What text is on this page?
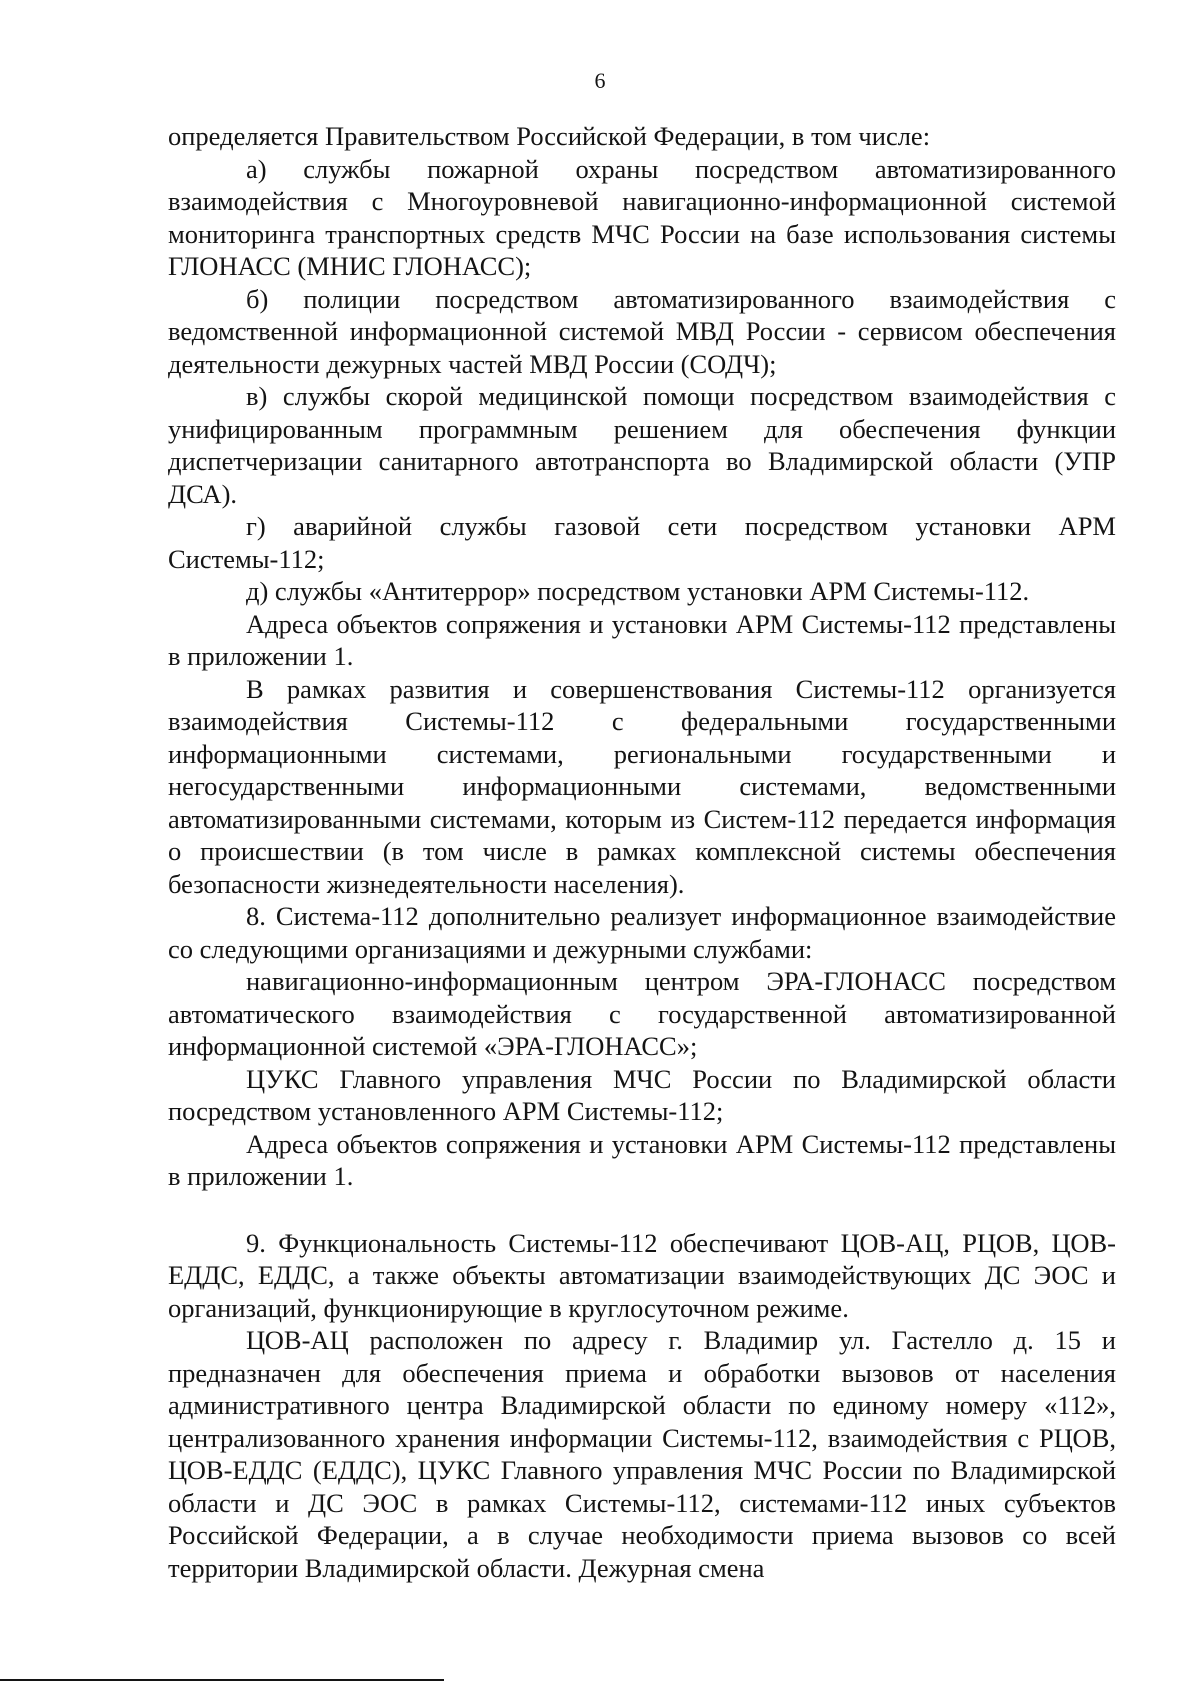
6

определяется Правительством Российской Федерации, в том числе:

а) службы пожарной охраны посредством автоматизированного взаимодействия с Многоуровневой навигационно-информационной системой мониторинга транспортных средств МЧС России на базе использования системы ГЛОНАСС (МНИС ГЛОНАСС);

б) полиции посредством автоматизированного взаимодействия с ведомственной информационной системой МВД России - сервисом обеспечения деятельности дежурных частей МВД России (СОДЧ);

в) службы скорой медицинской помощи посредством взаимодействия с унифицированным программным решением для обеспечения функции диспетчеризации санитарного автотранспорта во Владимирской области (УПР ДСА).

г) аварийной службы газовой сети посредством установки АРМ Системы-112;

д) службы «Антитеррор» посредством установки АРМ Системы-112.

Адреса объектов сопряжения и установки АРМ Системы-112 представлены в приложении 1.

В рамках развития и совершенствования Системы-112 организуется взаимодействия Системы-112 с федеральными государственными информационными системами, региональными государственными и негосударственными информационными системами, ведомственными автоматизированными системами, которым из Систем-112 передается информация о происшествии (в том числе в рамках комплексной системы обеспечения безопасности жизнедеятельности населения).

8. Система-112 дополнительно реализует информационное взаимодействие со следующими организациями и дежурными службами:

навигационно-информационным центром ЭРА-ГЛОНАСС посредством автоматического взаимодействия с государственной автоматизированной информационной системой «ЭРА-ГЛОНАСС»;

ЦУКС Главного управления МЧС России по Владимирской области посредством установленного АРМ Системы-112;

Адреса объектов сопряжения и установки АРМ Системы-112 представлены в приложении 1.

9. Функциональность Системы-112 обеспечивают ЦОВ-АЦ, РЦОВ, ЦОВ- ЕДДС, ЕДДС, а также объекты автоматизации взаимодействующих ДС ЭОС и организаций, функционирующие в круглосуточном режиме.

ЦОВ-АЦ расположен по адресу г. Владимир ул. Гастелло д. 15 и предназначен для обеспечения приема и обработки вызовов от населения административного центра Владимирской области по единому номеру «112», централизованного хранения информации Системы-112, взаимодействия с РЦОВ, ЦОВ-ЕДДС (ЕДДС), ЦУКС Главного управления МЧС России по Владимирской области и ДС ЭОС в рамках Системы-112, системами-112 иных субъектов Российской Федерации, а в случае необходимости приема вызовов со всей территории Владимирской области. Дежурная смена
